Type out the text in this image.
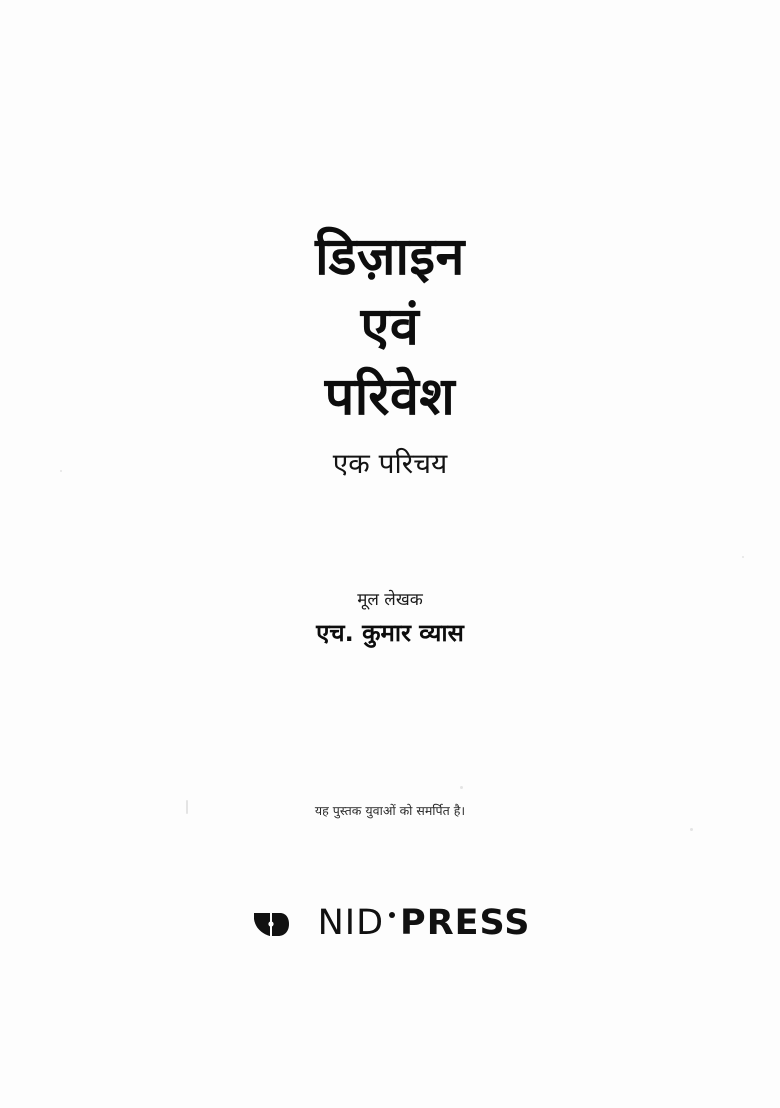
डिज़ाइन
एवं
परिवेश
एक परिचय
मूल लेखक
एच. कुमार व्यास
यह पुस्तक युवाओं को समर्पित है।
NID PRESS
